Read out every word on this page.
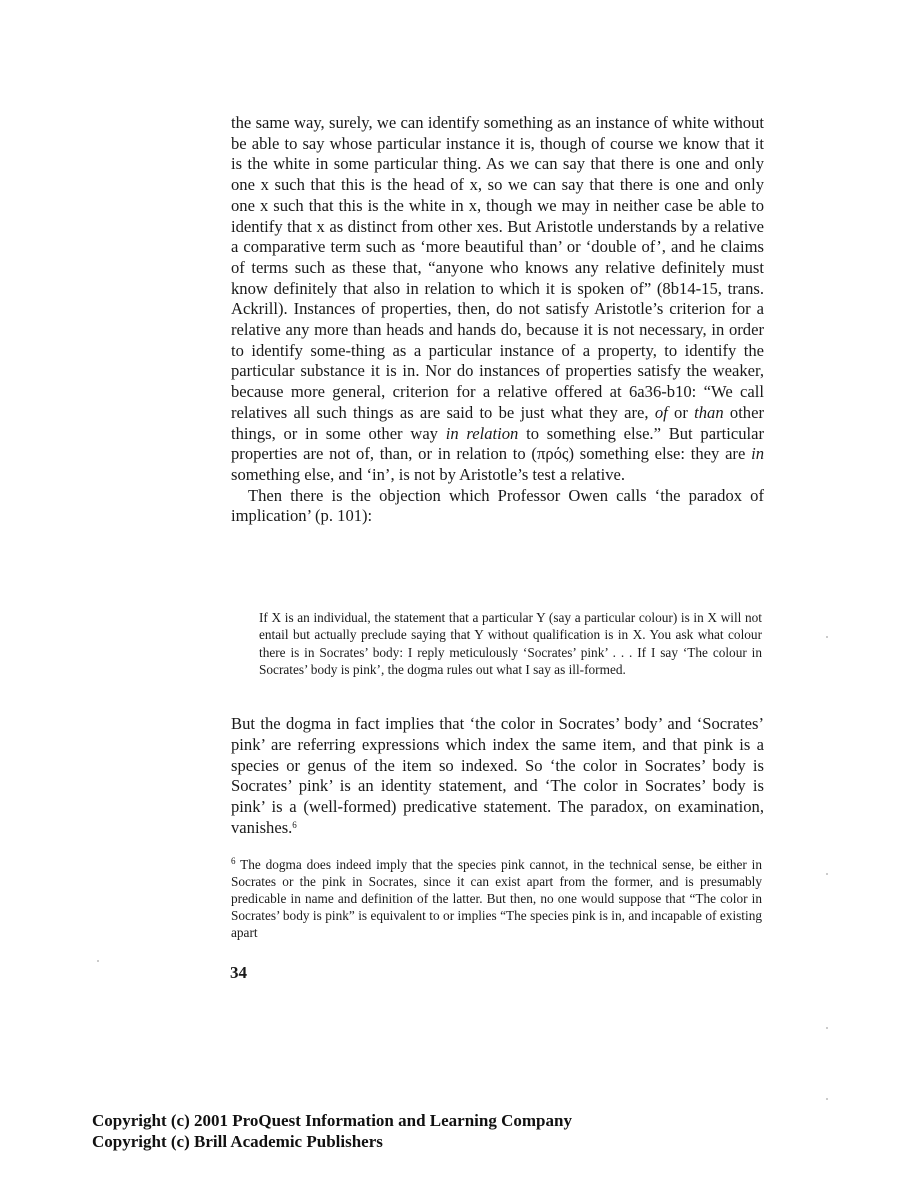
the same way, surely, we can identify something as an instance of white without be able to say whose particular instance it is, though of course we know that it is the white in some particular thing. As we can say that there is one and only one x such that this is the head of x, so we can say that there is one and only one x such that this is the white in x, though we may in neither case be able to identify that x as distinct from other xes. But Aristotle understands by a relative a comparative term such as ‘more beautiful than’ or ‘double of’, and he claims of terms such as these that, “anyone who knows any relative definitely must know definitely that also in relation to which it is spoken of” (8b14-15, trans. Ackrill). Instances of properties, then, do not satisfy Aristotle’s criterion for a relative any more than heads and hands do, because it is not necessary, in order to identify some-thing as a particular instance of a property, to identify the particular substance it is in. Nor do instances of properties satisfy the weaker, because more general, criterion for a relative offered at 6a36-b10: “We call relatives all such things as are said to be just what they are, of or than other things, or in some other way in relation to something else.” But particular properties are not of, than, or in relation to (πρός) something else: they are in something else, and ‘in’, is not by Aristotle’s test a relative.

Then there is the objection which Professor Owen calls ‘the paradox of implication’ (p. 101):

If X is an individual, the statement that a particular Y (say a particular colour) is in X will not entail but actually preclude saying that Y without qualification is in X. You ask what colour there is in Socrates’ body: I reply meticulously ‘Socrates’ pink’ . . . If I say ‘The colour in Socrates’ body is pink’, the dogma rules out what I say as ill-formed.
But the dogma in fact implies that ‘the color in Socrates’ body’ and ‘Socrates’ pink’ are referring expressions which index the same item, and that pink is a species or genus of the item so indexed. So ‘the color in Socrates’ body is Socrates’ pink’ is an identity statement, and ‘The color in Socrates’ body is pink’ is a (well-formed) predicative statement. The paradox, on examination, vanishes.$^6$
$^6$ The dogma does indeed imply that the species pink cannot, in the technical sense, be either in Socrates or the pink in Socrates, since it can exist apart from the former, and is presumably predicable in name and definition of the latter. But then, no one would suppose that “The color in Socrates’ body is pink” is equivalent to or implies “The species pink is in, and incapable of existing apart
34
Copyright (c) 2001 ProQuest Information and Learning Company
Copyright (c) Brill Academic Publishers
